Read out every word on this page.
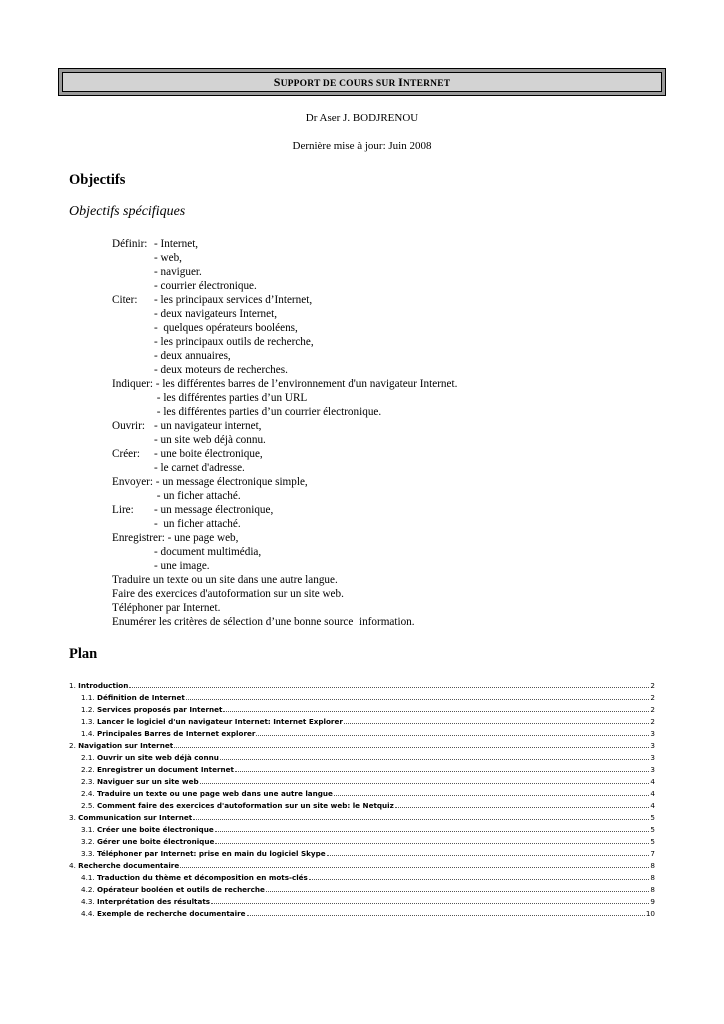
SUPPORT DE COURS SUR INTERNET
Dr Aser J. BODJRENOU
Dernière mise à jour: Juin 2008
Objectifs
Objectifs spécifiques
Définir: - Internet,
- web,
- naviguer.
- courrier électronique.
Citer: - les principaux services d’Internet,
- deux navigateurs Internet,
-  quelques opérateurs booléens,
- les principaux outils de recherche,
- deux annuaires,
- deux moteurs de recherches.
Indiquer: - les différentes barres de l’environnement d'un navigateur Internet.
- les différentes parties d’un URL
- les différentes parties d’un courrier électronique.
Ouvrir: - un navigateur internet,
- un site web déjà connu.
Créer: - une boite électronique,
- le carnet d'adresse.
Envoyer: - un message électronique simple,
- un ficher attaché.
Lire: - un message électronique,
-  un ficher attaché.
Enregistrer: - une page web,
- document multimédia,
- une image.
Traduire un texte ou un site dans une autre langue.
Faire des exercices d'autoformation sur un site web.
Téléphoner par Internet.
Enumérer les critères de sélection d’une bonne source  information.
Plan
1. Introduction	2
1.1. Définition de Internet	2
1.2. Services proposés par Internet	2
1.3. Lancer le logiciel d'un navigateur Internet: Internet Explorer	2
1.4. Principales Barres de Internet explorer	3
2. Navigation sur Internet	3
2.1. Ouvrir un site web déjà connu	3
2.2. Enregistrer un document Internet	3
2.3. Naviguer sur un site web	4
2.4. Traduire un texte ou une page web dans une autre langue	4
2.5. Comment faire des exercices d'autoformation sur un site web: le Netquiz	4
3. Communication sur Internet	5
3.1. Créer une boite électronique	5
3.2. Gérer une boite électronique	5
3.3. Téléphoner par Internet: prise en main du logiciel Skype	7
4. Recherche documentaire	8
4.1. Traduction du thème et décomposition en mots-clés	8
4.2. Opérateur booléen et outils de recherche	8
4.3. Interprétation des résultats	9
4.4. Exemple de recherche documentaire	10
